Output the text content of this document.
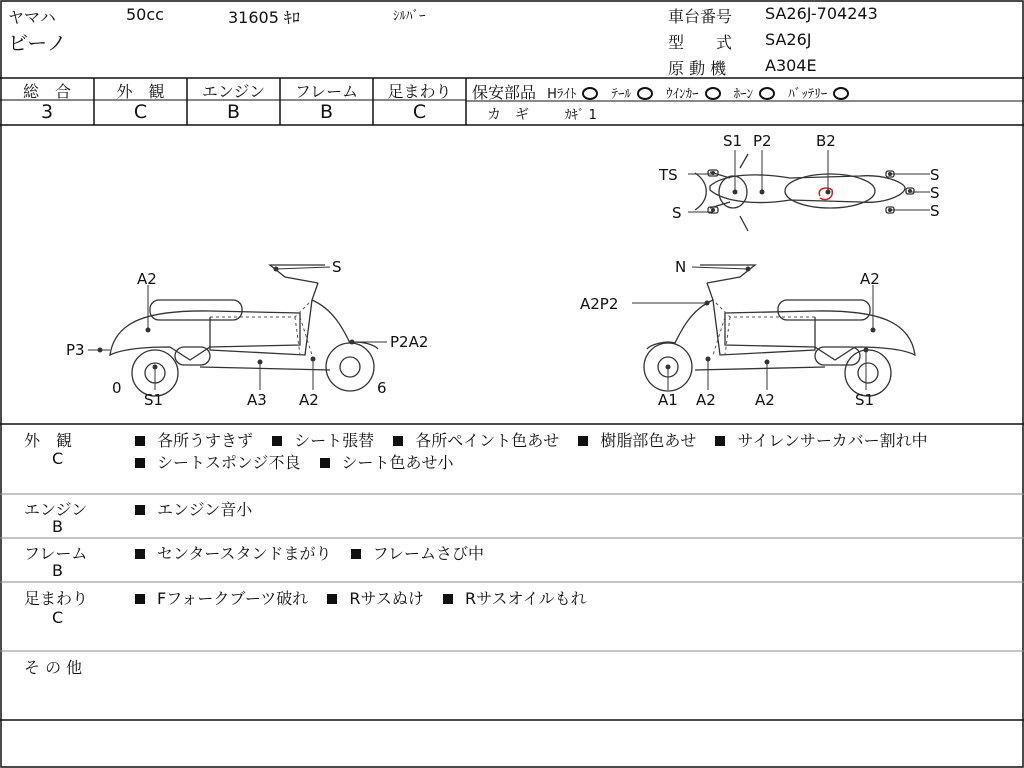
ヤマハ	50cc	31605 ｷﾛ	ｼﾙﾊﾞｰ
ビーノ
車台番号 SA26J-704243
型　　式 SA26J
原 動 機 A304E
総　合	外　観	エンジン	フレーム	足まわり
3	C	B	B	C
保安部品 Hﾗｲﾄ	ﾃｰﾙ	ｳｲﾝｶｰ	ﾎｰﾝ	ﾊﾞｯﾃﾘｰ
カ　ギ	ｶｷﾞ 1
S1 P2	B2
TS
S
S
S
S
S
A2
P3	P2A2
0	6
S1	A3 A2
N
A2P2
A2
A1 A2	A2	S1
外　観
C
各所うすきず	シート張替	各所ペイント色あせ	樹脂部色あせ	サイレンサーカバー割れ中
シートスポンジ不良	シート色あせ小
エンジン
B
エンジン音小
フレーム
B
センタースタンドまがり	フレームさび中
足まわり
C
Fフォークブーツ破れ	Rサスぬけ	Rサスオイルもれ
そ の 他
